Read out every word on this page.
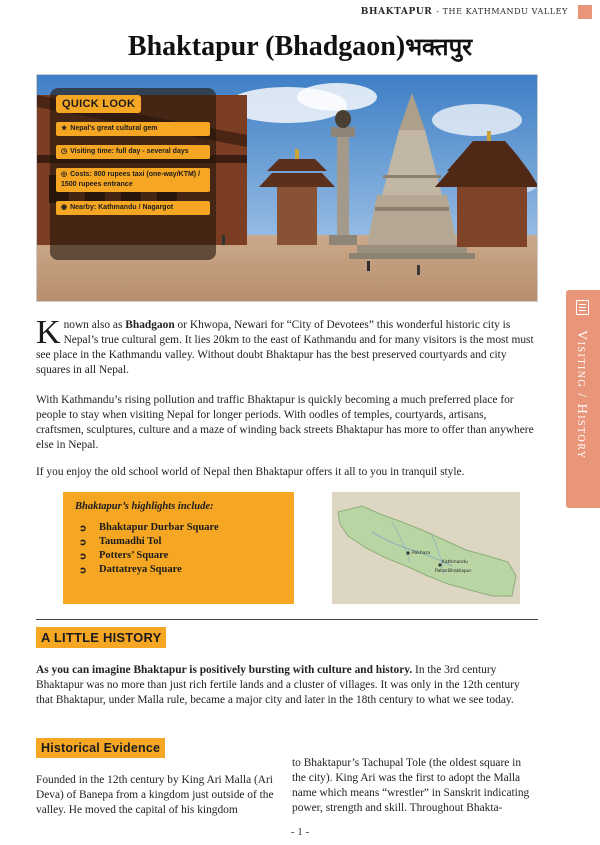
BHAKTAPUR - THE KATHMANDU VALLEY
Bhaktapur (Bhadgaon)भक्तपुर
QUICK LOOK
★ Nepal's great cultural gem
◷ Visiting time: full day - several days
◎ Costs: 800 rupees taxi (one-way/KTM) / 1500 rupees entrance
◉ Nearby: Kathmandu / Nagargot
Visiting / History

Known also as Bhadgaon or Khwopa, Newari for “City of Devotees” this wonderful historic city is Nepal’s true cultural gem. It lies 20km to the east of Kathmandu and for many visitors is the most must see place in the Kathmandu valley. Without doubt Bhaktapur has the best preserved courtyards and city squares in all Nepal.

With Kathmandu’s rising pollution and traffic Bhaktapur is quickly becoming a much preferred place for people to stay when visiting Nepal for longer periods. With oodles of temples, courtyards, artisans, craftsmen, sculptures, culture and a maze of winding back streets Bhaktapur has more to offer than anywhere else in Nepal.

If you enjoy the old school world of Nepal then Bhaktapur offers it all to you in tranquil style.

Bhaktapur’s highlights include:
➲ Bhaktapur Durbar Square
➲ Taumadhi Tol
➲ Potters’ Square
➲ Dattatreya Square
Pokhara
Kathmandu
Patan Bhaktapur
A LITTLE HISTORY

As you can imagine Bhaktapur is positively bursting with culture and history. In the 3rd century Bhaktapur was no more than just rich fertile lands and a cluster of villages. It was only in the 12th century that Bhaktapur, under Malla rule, became a major city and later in the 18th century to what we see today.

Historical Evidence

Founded in the 12th century by King Ari Malla (Ari Deva) of Banepa from a kingdom just outside of the valley. He moved the capital of his kingdom

to Bhaktapur’s Tachupal Tole (the oldest square in the city). King Ari was the first to adopt the Malla name which means “wrestler” in Sanskrit indicating power, strength and skill. Throughout Bhakta-

- 1 -
